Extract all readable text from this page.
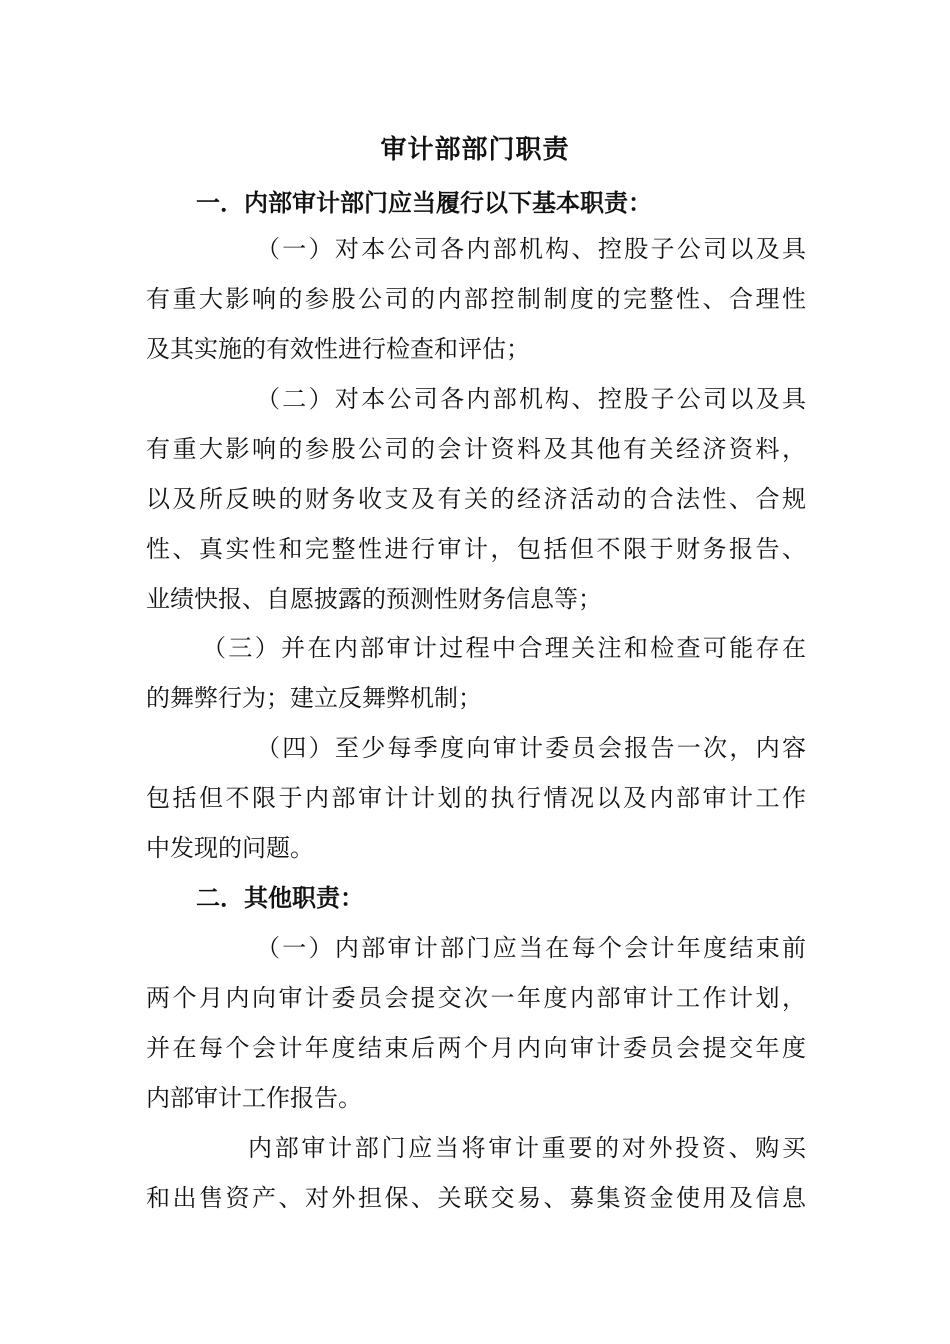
审计部部门职责
一．内部审计部门应当履行以下基本职责：
（一）对本公司各内部机构、控股子公司以及具
有重大影响的参股公司的内部控制制度的完整性、合理性
及其实施的有效性进行检查和评估；
（二）对本公司各内部机构、控股子公司以及具
有重大影响的参股公司的会计资料及其他有关经济资料，
以及所反映的财务收支及有关的经济活动的合法性、合规
性、真实性和完整性进行审计，包括但不限于财务报告、
业绩快报、自愿披露的预测性财务信息等；
（三）并在内部审计过程中合理关注和检查可能存在
的舞弊行为；建立反舞弊机制；
（四）至少每季度向审计委员会报告一次，内容
包括但不限于内部审计计划的执行情况以及内部审计工作
中发现的问题。
二．其他职责：
（一）内部审计部门应当在每个会计年度结束前
两个月内向审计委员会提交次一年度内部审计工作计划，
并在每个会计年度结束后两个月内向审计委员会提交年度
内部审计工作报告。
内部审计部门应当将审计重要的对外投资、购买
和出售资产、对外担保、关联交易、募集资金使用及信息
